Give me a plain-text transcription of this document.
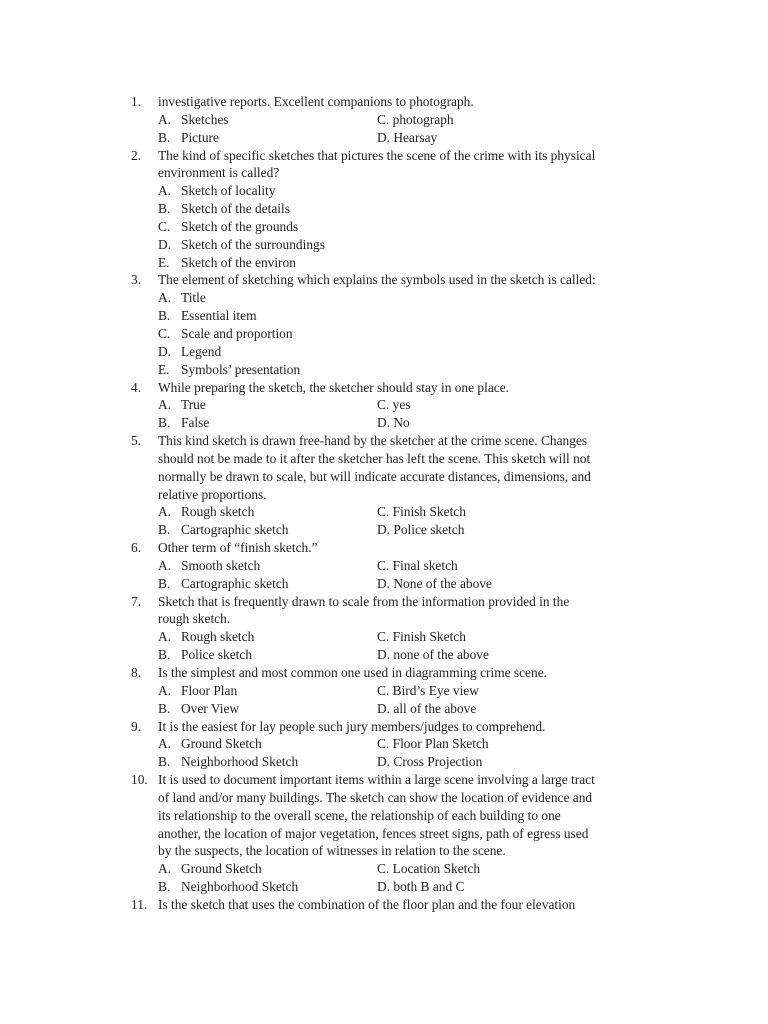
1. investigative reports. Excellent companions to photograph.
A. Sketches	C. photograph
B. Picture	D. Hearsay
2. The kind of specific sketches that pictures the scene of the crime with its physical
environment is called?
A. Sketch of locality
B. Sketch of the details
C. Sketch of the grounds
D. Sketch of the surroundings
E. Sketch of the environ
3. The element of sketching which explains the symbols used in the sketch is called:
A. Title
B. Essential item
C. Scale and proportion
D. Legend
E. Symbols’ presentation
4. While preparing the sketch, the sketcher should stay in one place.
A. True	C. yes
B. False	D. No
5. This kind sketch is drawn free-hand by the sketcher at the crime scene. Changes
should not be made to it after the sketcher has left the scene. This sketch will not
normally be drawn to scale, but will indicate accurate distances, dimensions, and
relative proportions.
A. Rough sketch	C. Finish Sketch
B. Cartographic sketch	D. Police sketch
6. Other term of “finish sketch.”
A. Smooth sketch	C. Final sketch
B. Cartographic sketch	D. None of the above
7. Sketch that is frequently drawn to scale from the information provided in the
rough sketch.
A. Rough sketch	C. Finish Sketch
B. Police sketch	D. none of the above
8. Is the simplest and most common one used in diagramming crime scene.
A. Floor Plan	C. Bird’s Eye view
B. Over View	D. all of the above
9. It is the easiest for lay people such jury members/judges to comprehend.
A. Ground Sketch	C. Floor Plan Sketch
B. Neighborhood Sketch	D. Cross Projection
10. It is used to document important items within a large scene involving a large tract
of land and/or many buildings. The sketch can show the location of evidence and
its relationship to the overall scene, the relationship of each building to one
another, the location of major vegetation, fences street signs, path of egress used
by the suspects, the location of witnesses in relation to the scene.
A. Ground Sketch	C. Location Sketch
B. Neighborhood Sketch	D. both B and C
11. Is the sketch that uses the combination of the floor plan and the four elevation
